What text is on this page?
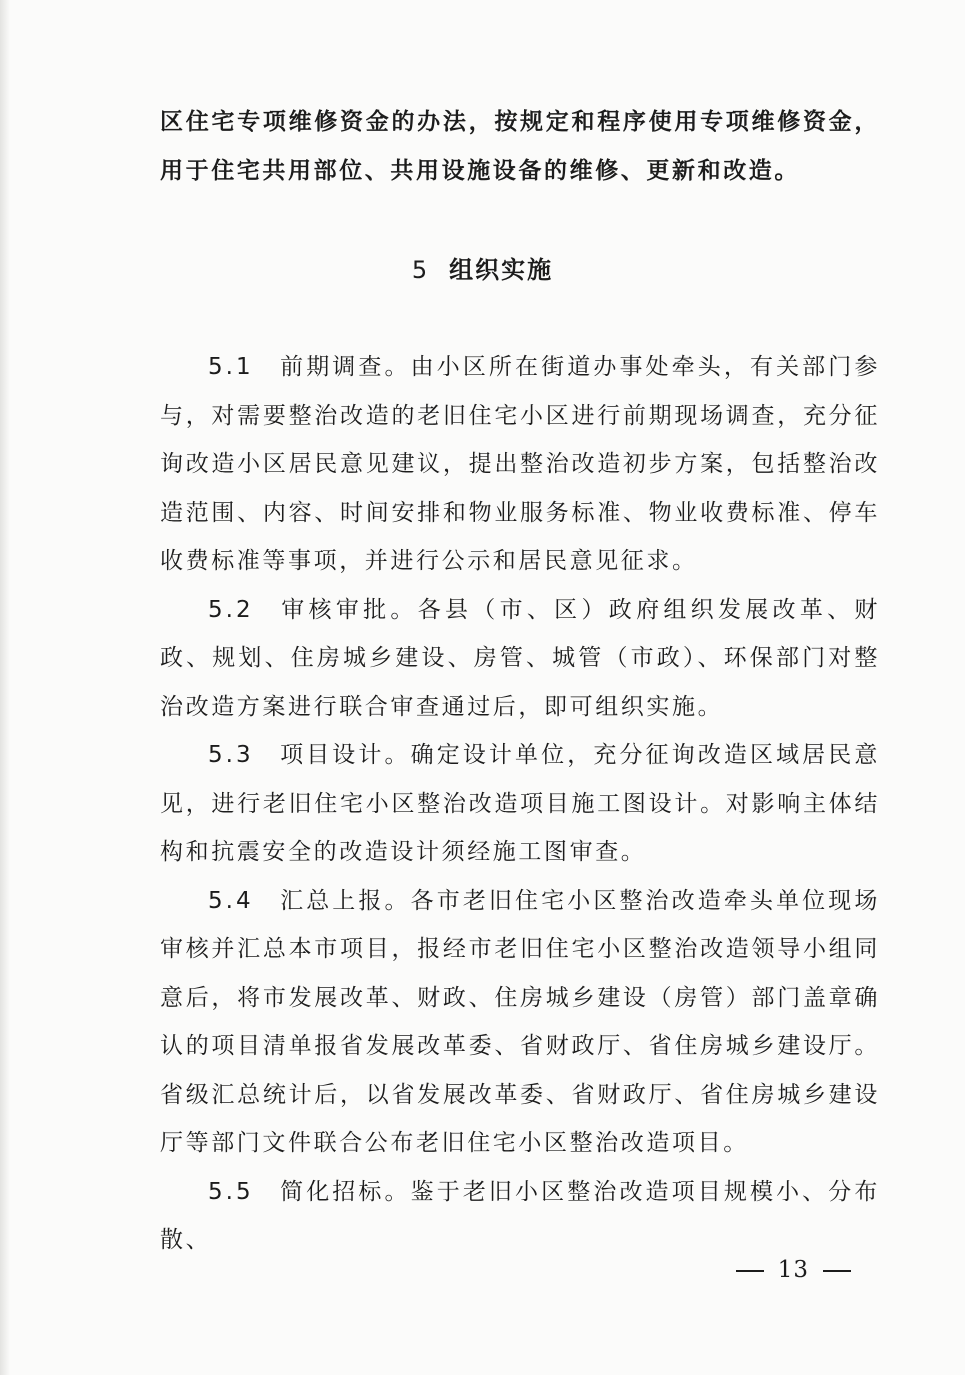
区住宅专项维修资金的办法，按规定和程序使用专项维修资金，用于住宅共用部位、共用设施设备的维修、更新和改造。

5 组织实施

5.1 前期调查。由小区所在街道办事处牵头，有关部门参与，对需要整治改造的老旧住宅小区进行前期现场调查，充分征询改造小区居民意见建议，提出整治改造初步方案，包括整治改造范围、内容、时间安排和物业服务标准、物业收费标准、停车收费标准等事项，并进行公示和居民意见征求。

5.2 审核审批。各县（市、区）政府组织发展改革、财政、规划、住房城乡建设、房管、城管（市政）、环保部门对整治改造方案进行联合审查通过后，即可组织实施。

5.3 项目设计。确定设计单位，充分征询改造区域居民意见，进行老旧住宅小区整治改造项目施工图设计。对影响主体结构和抗震安全的改造设计须经施工图审查。

5.4 汇总上报。各市老旧住宅小区整治改造牵头单位现场审核并汇总本市项目，报经市老旧住宅小区整治改造领导小组同意后，将市发展改革、财政、住房城乡建设（房管）部门盖章确认的项目清单报省发展改革委、省财政厅、省住房城乡建设厅。省级汇总统计后，以省发展改革委、省财政厅、省住房城乡建设厅等部门文件联合公布老旧住宅小区整治改造项目。

5.5 简化招标。鉴于老旧小区整治改造项目规模小、分布散、

13
